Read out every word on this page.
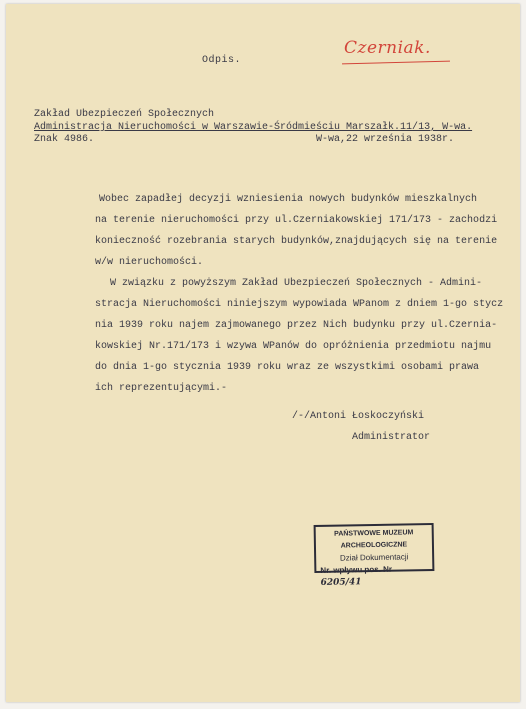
Odpis.
Czerniak.
Zakład Ubezpieczeń Społecznych
Administracja Nieruchomości w Warszawie-Śródmieściu Marszałk.11/13, W-wa.
Znak 4986.	W-wa,22 września 1938r.
Wobec zapadłej decyzji wzniesienia nowych budynków mieszkalnych
na terenie nieruchomości przy ul.Czerniakowskiej 171/173 - zachodzi
konieczność rozebrania starych budynków,znajdujących się na terenie
w/w nieruchomości.
W związku z powyższym Zakład Ubezpieczeń Społecznych - Admini-
stracja Nieruchomości niniejszym wypowiada WPanom z dniem 1-go stycz
nia 1939 roku najem zajmowanego przez Nich budynku przy ul.Czernia-
kowskiej Nr.171/173 i wzywa WPanów do opróżnienia przedmiotu najmu
do dnia 1-go stycznia 1939 roku wraz ze wszystkimi osobami prawa
ich reprezentującymi.-
/-/Antoni Łoskoczyński
Administrator
PAŃSTWOWE MUZEUM ARCHEOLOGICZNE
Dział Dokumentacji
Nr. wpływu pos. Nr 6205/41
